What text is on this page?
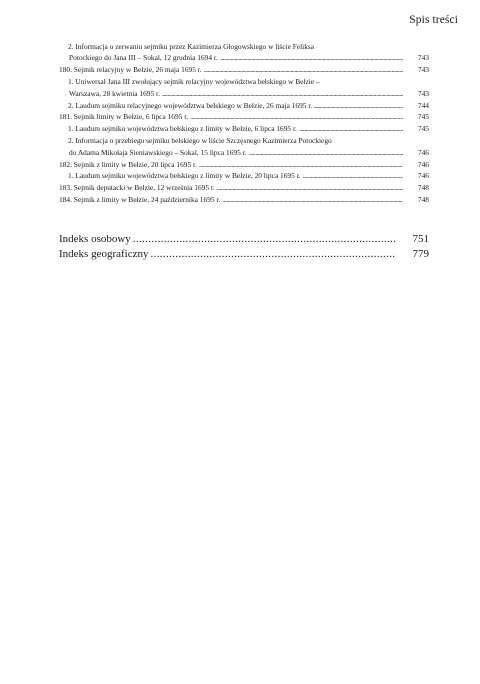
Spis treści
2. Informacja o zerwaniu sejmiku przez Kazimierza Głogowskiego w liście Feliksa
Potockiego do Jana III – Sokal, 12 grudnia 1694 r. . . .	743
180. Sejmik relacyjny w Bełzie, 26 maja 1695 r. . . .	743
1. Uniwersał Jana III zwołujący sejmik relacyjny województwa bełskiego w Bełzie –
Warszawa, 28 kwietnia 1695 r. . . .	743
2. Laudum sejmiku relacyjnego województwa bełskiego w Bełzie, 26 maja 1695 r. . . .	744
181. Sejmik limity w Bełzie, 6 lipca 1695 r. . . .	745
1. Laudum sejmiku województwa bełskiego z limity w Bełzie, 6 lipca 1695 r. . . .	745
2. Informacja o przebiegu sejmiku bełskiego w liście Szczęsnego Kazimierza Potockiego
do Adama Mikołaja Sieniawskiego – Sokal, 15 lipca 1695 r. . . .	746
182. Sejmik z limity w Bełzie, 20 lipca 1695 r. . . .	746
1. Laudum sejmiku województwa bełskiego z limity w Bełzie, 20 lipca 1695 r. . . .	746
183. Sejmik deputacki w Bełzie, 12 września 1695 r. . . .	748
184. Sejmik z limity w Bełzie, 24 października 1695 r. . . .	748
Indeks osobowy . . .	751
Indeks geograficzny . . .	779
